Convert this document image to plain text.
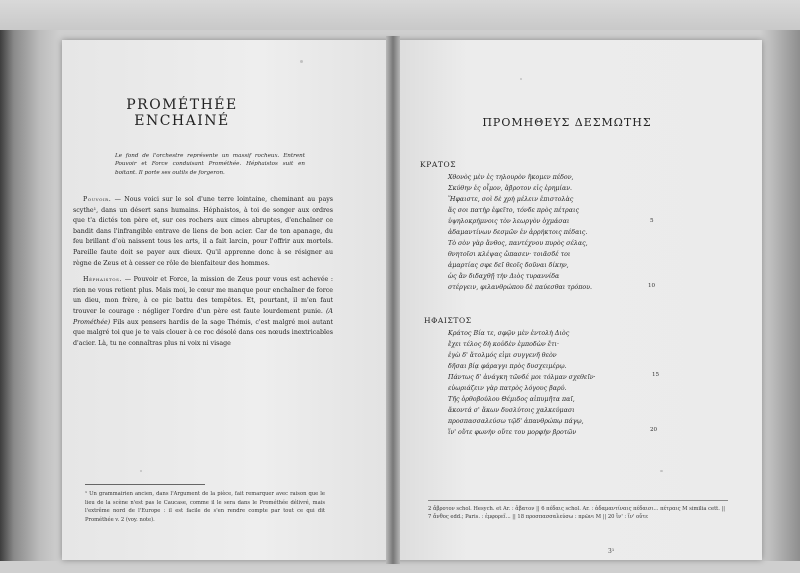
PROMÉTHÉE ENCHAINÉ
Le fond de l'orchestre représente un massif rocheux. Entrent Pouvoir et Force conduisant Prométhée. Héphaistos suit en boitant. Il porte ses outils de forgeron.

Pouvoir. — Nous voici sur le sol d'une terre lointaine, cheminant au pays scythe¹, dans un désert sans humains. Héphaistos, à toi de songer aux ordres que t'a dictés ton père et, sur ces rochers aux cimes abruptes, d'enchaîner ce bandit dans l'infrangible entrave de liens de bon acier. Car de ton apanage, du feu brillant d'où naissent tous les arts, il a fait larcin, pour l'offrir aux mortels. Pareille faute doit se payer aux dieux. Qu'il apprenne donc à se résigner au règne de Zeus et à cesser ce rôle de bienfaiteur des hommes.

Héphaistos. — Pouvoir et Force, la mission de Zeus pour vous est achevée : rien ne vous retient plus. Mais moi, le cœur me manque pour enchaîner de force un dieu, mon frère, à ce pic battu des tempêtes. Et, pourtant, il m'en faut trouver le courage : négliger l'ordre d'un père est faute lourdement punie. (A Prométhée) Fils aux pensers hardis de la sage Thémis, c'est malgré moi autant que malgré toi que je te vais clouer à ce roc désolé dans ces nœuds inextricables d'acier. Là, tu ne connaîtras plus ni voix ni visage

¹ Un grammairien ancien, dans l'Argument de la pièce, fait remarquer avec raison que le lieu de la scène n'est pas le Caucase, comme il le sera dans le Prométhée délivré, mais l'extrême nord de l'Europe : il est facile de s'en rendre compte par tout ce qui dit Prométhée v. 2 (voy. note).
ΠΡΟΜΗΘΕΥΣ ΔΕΣΜΩΤΗΣ
ΚΡΑΤΟΣ
Χθονὸς μὲν ἐς τηλουρὸν ἥκομεν πέδον,
Σκύθην ἐς οἶμον, ἄβροτον εἰς ἐρημίαν.
Ἥφαιστε, σοὶ δὲ χρὴ μέλειν ἐπιστολὰς
ἅς σοι πατὴρ ἐφεῖτο, τόνδε πρὸς πέτραις
ὑψηλοκρήμνοις τὸν λεωργὸν ὀχμάσαι
ἀδαμαντίνων δεσμῶν ἐν ἀρρήκτοις πέδαις.
Τὸ σὸν γὰρ ἄνθος, παντέχνου πυρὸς σέλας,
θνητοῖσι κλέψας ὤπασεν· τοιᾶσδέ τοι
ἁμαρτίας σφε δεῖ θεοῖς δοῦναι δίκην,
ὡς ἂν διδαχθῇ τὴν Διὸς τυραννίδα
στέργειν, φιλανθρώπου δὲ παύεσθαι τρόπου.
5
10
ΗΦΑΙΣΤΟΣ
Κράτος Βία τε, σφῷν μὲν ἐντολὴ Διὸς
ἔχει τέλος δὴ κοὐδὲν ἐμποδὼν ἔτι·
ἐγὼ δ' ἄτολμός εἰμι συγγενῆ θεὸν
δῆσαι βίᾳ φάραγγι πρὸς δυσχειμέρῳ.
Πάντως δ' ἀνάγκη τῶνδέ μοι τόλμαν σχεθεῖν·
εὐωριάζειν γὰρ πατρὸς λόγους βαρύ.
Τῆς ὀρθοβούλου Θέμιδος αἰπυμῆτα παῖ,
ἄκοντά σ' ἄκων δυσλύτοις χαλκεύμασι
προσπασσαλεύσω τῷδ' ἀπανθρώπῳ πάγῳ,
ἵν' οὔτε φωνὴν οὔτε του μορφὴν βροτῶν
15
20
2 ἄβροτον schol. Hesych. et Ar. : ἄβατον || 6 πέδαις schol. Ar. : ἀδαμαντίναις πέδαισι... πέτραις M similia cett. || 7 ἄνθος edd.; Paris. : ἐμφορεῖ... || 18 προσπασσαλεύσω : πρῶνι M || 20 ἵν' : ἵν' οὔτε
3¹
